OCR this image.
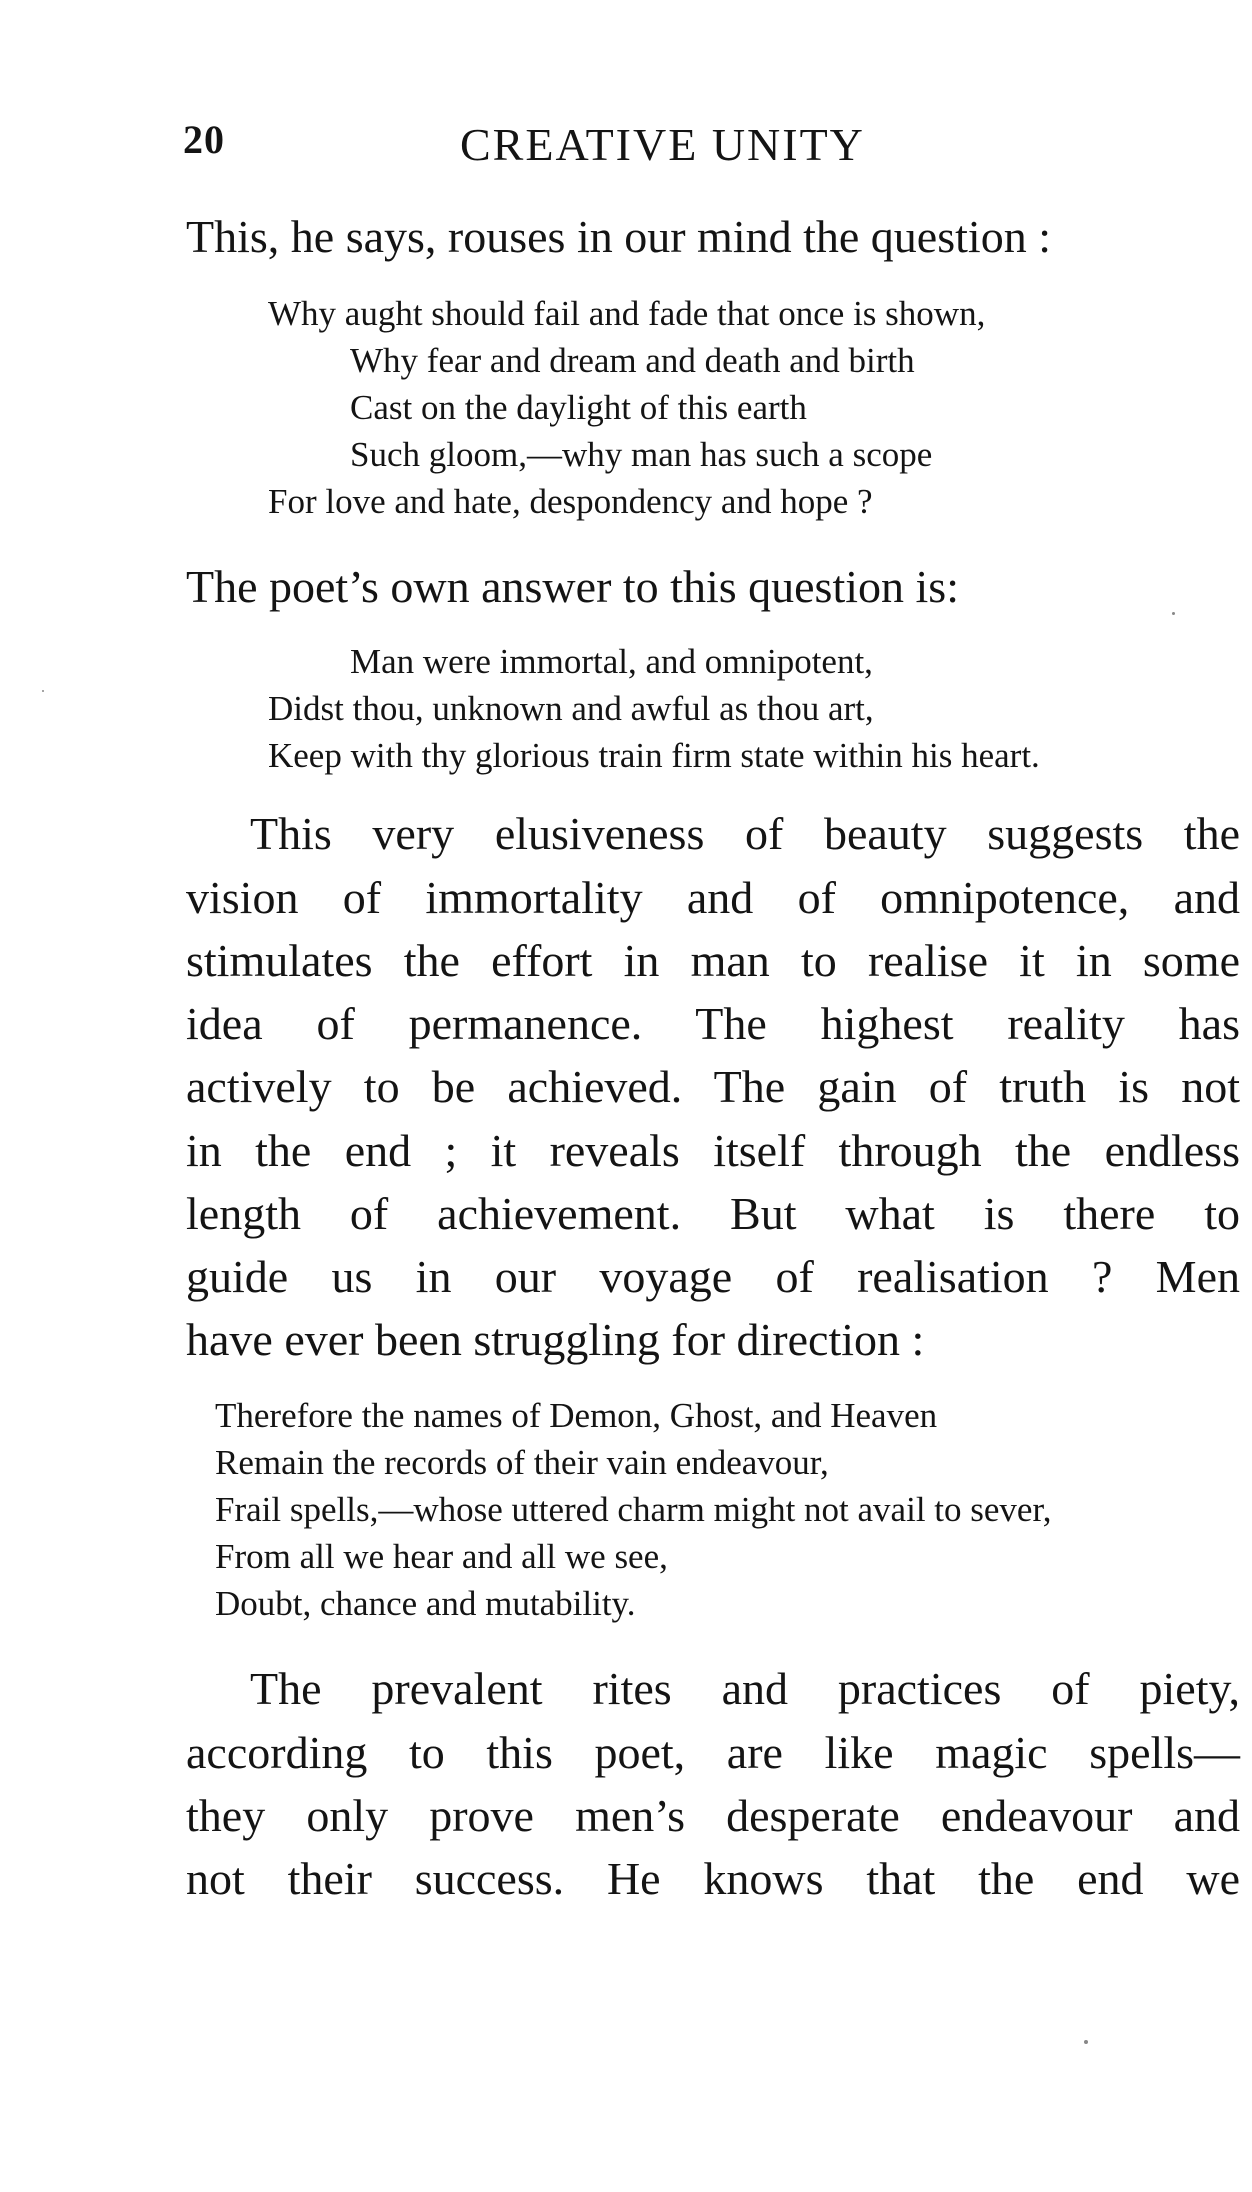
20	CREATIVE UNITY
This, he says, rouses in our mind the question :
Why aught should fail and fade that once is shown,
Why fear and dream and death and birth
Cast on the daylight of this earth
Such gloom,—why man has such a scope
For love and hate, despondency and hope ?
The poet’s own answer to this question is:
Man were immortal, and omnipotent,
Didst thou, unknown and awful as thou art,
Keep with thy glorious train firm state within his heart.
This very elusiveness of beauty suggests the
vision of immortality and of omnipotence, and
stimulates the effort in man to realise it in some
idea of permanence. The highest reality has
actively to be achieved. The gain of truth is not
in the end ; it reveals itself through the endless
length of achievement. But what is there to
guide us in our voyage of realisation ? Men
have ever been struggling for direction :
Therefore the names of Demon, Ghost, and Heaven
Remain the records of their vain endeavour,
Frail spells,—whose uttered charm might not avail to sever,
From all we hear and all we see,
Doubt, chance and mutability.
The prevalent rites and practices of piety,
according to this poet, are like magic spells—
they only prove men’s desperate endeavour and
not their success. He knows that the end we
